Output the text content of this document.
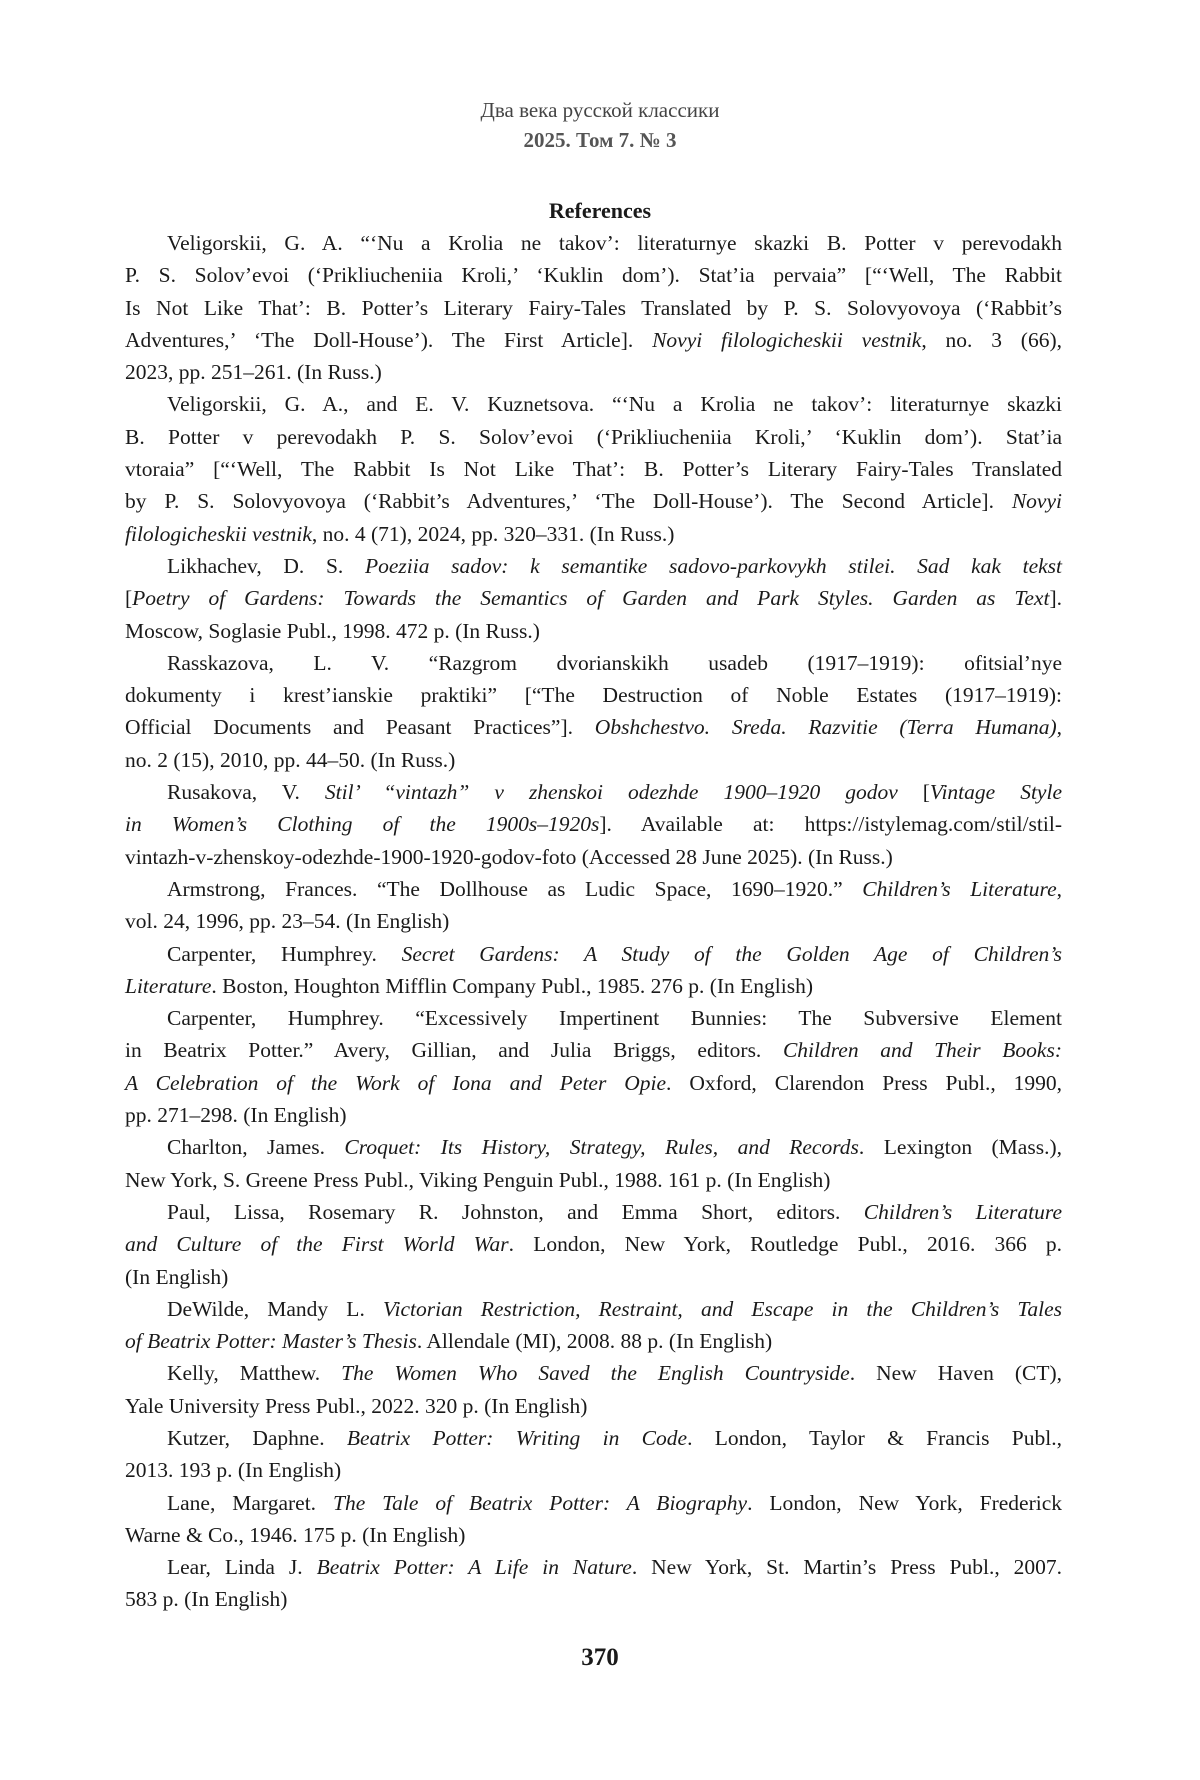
Два века русской классики
2025. Том 7. № 3
References
Veligorskii, G. A. “‘Nu a Krolia ne takov’: literaturnye skazki B. Potter v perevodakh
P. S. Solov’evoi (‘Prikliucheniia Kroli,’ ‘Kuklin dom’). Stat’ia pervaia” [“‘Well, The Rabbit
Is Not Like That’: B. Potter’s Literary Fairy-Tales Translated by P. S. Solovyovoya (‘Rabbit’s
Adventures,’ ‘The Doll-House’). The First Article]. Novyi filologicheskii vestnik, no. 3 (66),
2023, pp. 251–261. (In Russ.)
Veligorskii, G. A., and E. V. Kuznetsova. “‘Nu a Krolia ne takov’: literaturnye skazki
B. Potter v perevodakh P. S. Solov’evoi (‘Prikliucheniia Kroli,’ ‘Kuklin dom’). Stat’ia
vtoraia” [“‘Well, The Rabbit Is Not Like That’: B. Potter’s Literary Fairy-Tales Translated
by P. S. Solovyovoya (‘Rabbit’s Adventures,’ ‘The Doll-House’). The Second Article]. Novyi
filologicheskii vestnik, no. 4 (71), 2024, pp. 320–331. (In Russ.)
Likhachev, D. S. Poeziia sadov: k semantike sadovo-parkovykh stilei. Sad kak tekst
[Poetry of Gardens: Towards the Semantics of Garden and Park Styles. Garden as Text].
Moscow, Soglasie Publ., 1998. 472 p. (In Russ.)
Rasskazova, L. V. “Razgrom dvorianskikh usadeb (1917–1919): ofitsial’nye
dokumenty i krest’ianskie praktiki” [“The Destruction of Noble Estates (1917–1919):
Official Documents and Peasant Practices”]. Obshchestvo. Sreda. Razvitie (Terra Humana),
no. 2 (15), 2010, pp. 44–50. (In Russ.)
Rusakova, V. Stil’ “vintazh” v zhenskoi odezhde 1900–1920 godov [Vintage Style
in Women’s Clothing of the 1900s–1920s]. Available at: https://istylemag.com/stil/stil-
vintazh-v-zhenskoy-odezhde-1900-1920-godov-foto (Accessed 28 June 2025). (In Russ.)
Armstrong, Frances. “The Dollhouse as Ludic Space, 1690–1920.” Children’s Literature,
vol. 24, 1996, pp. 23–54. (In English)
Carpenter, Humphrey. Secret Gardens: A Study of the Golden Age of Children’s
Literature. Boston, Houghton Mifflin Company Publ., 1985. 276 p. (In English)
Carpenter, Humphrey. “Excessively Impertinent Bunnies: The Subversive Element
in Beatrix Potter.” Avery, Gillian, and Julia Briggs, editors. Children and Their Books:
A Celebration of the Work of Iona and Peter Opie. Oxford, Clarendon Press Publ., 1990,
pp. 271–298. (In English)
Charlton, James. Croquet: Its History, Strategy, Rules, and Records. Lexington (Mass.),
New York, S. Greene Press Publ., Viking Penguin Publ., 1988. 161 p. (In English)
Paul, Lissa, Rosemary R. Johnston, and Emma Short, editors. Children’s Literature
and Culture of the First World War. London, New York, Routledge Publ., 2016. 366 p.
(In English)
DeWilde, Mandy L. Victorian Restriction, Restraint, and Escape in the Children’s Tales
of Beatrix Potter: Master’s Thesis. Allendale (MI), 2008. 88 p. (In English)
Kelly, Matthew. The Women Who Saved the English Countryside. New Haven (CT),
Yale University Press Publ., 2022. 320 p. (In English)
Kutzer, Daphne. Beatrix Potter: Writing in Code. London, Taylor & Francis Publ.,
2013. 193 p. (In English)
Lane, Margaret. The Tale of Beatrix Potter: A Biography. London, New York, Frederick
Warne & Co., 1946. 175 p. (In English)
Lear, Linda J. Beatrix Potter: A Life in Nature. New York, St. Martin’s Press Publ., 2007.
583 p. (In English)
370
